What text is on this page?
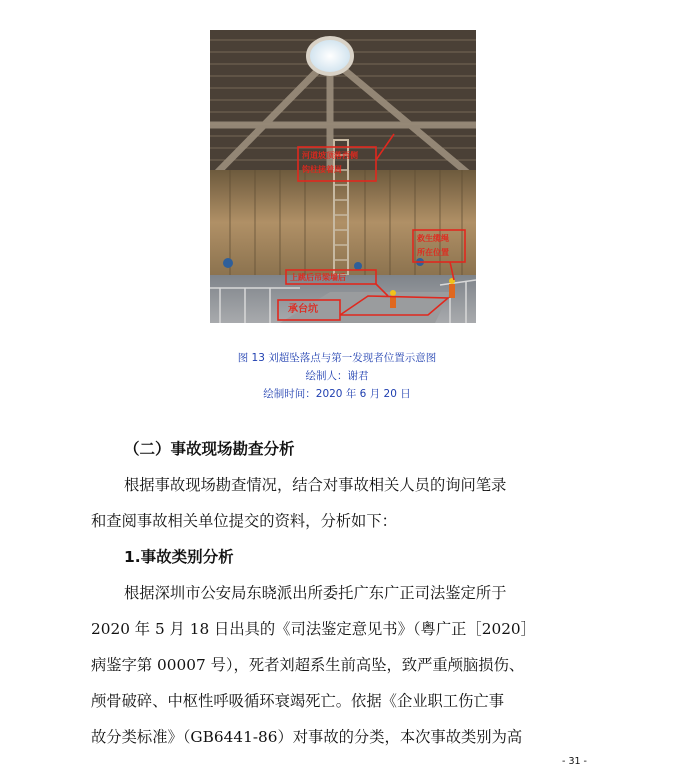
河道坡顶落西侧
钩柱接着周
救生缆绳
所在位置
上跳后吊梁墙后
承台坑
图 13 刘超坠落点与第一发现者位置示意图
绘制人：谢君
绘制时间：2020 年 6 月 20 日
（二）事故现场勘查分析
根据事故现场勘查情况，结合对事故相关人员的询问笔录
和查阅事故相关单位提交的资料，分析如下：
1.事故类别分析
根据深圳市公安局东晓派出所委托广东广正司法鉴定所于
2020 年 5 月 18 日出具的《司法鉴定意见书》（粤广正［2020］
病鉴字第 00007 号），死者刘超系生前高坠，致严重颅脑损伤、
颅骨破碎、中枢性呼吸循环衰竭死亡。依据《企业职工伤亡事
故分类标准》（GB6441-86）对事故的分类，本次事故类别为高
- 31 -
